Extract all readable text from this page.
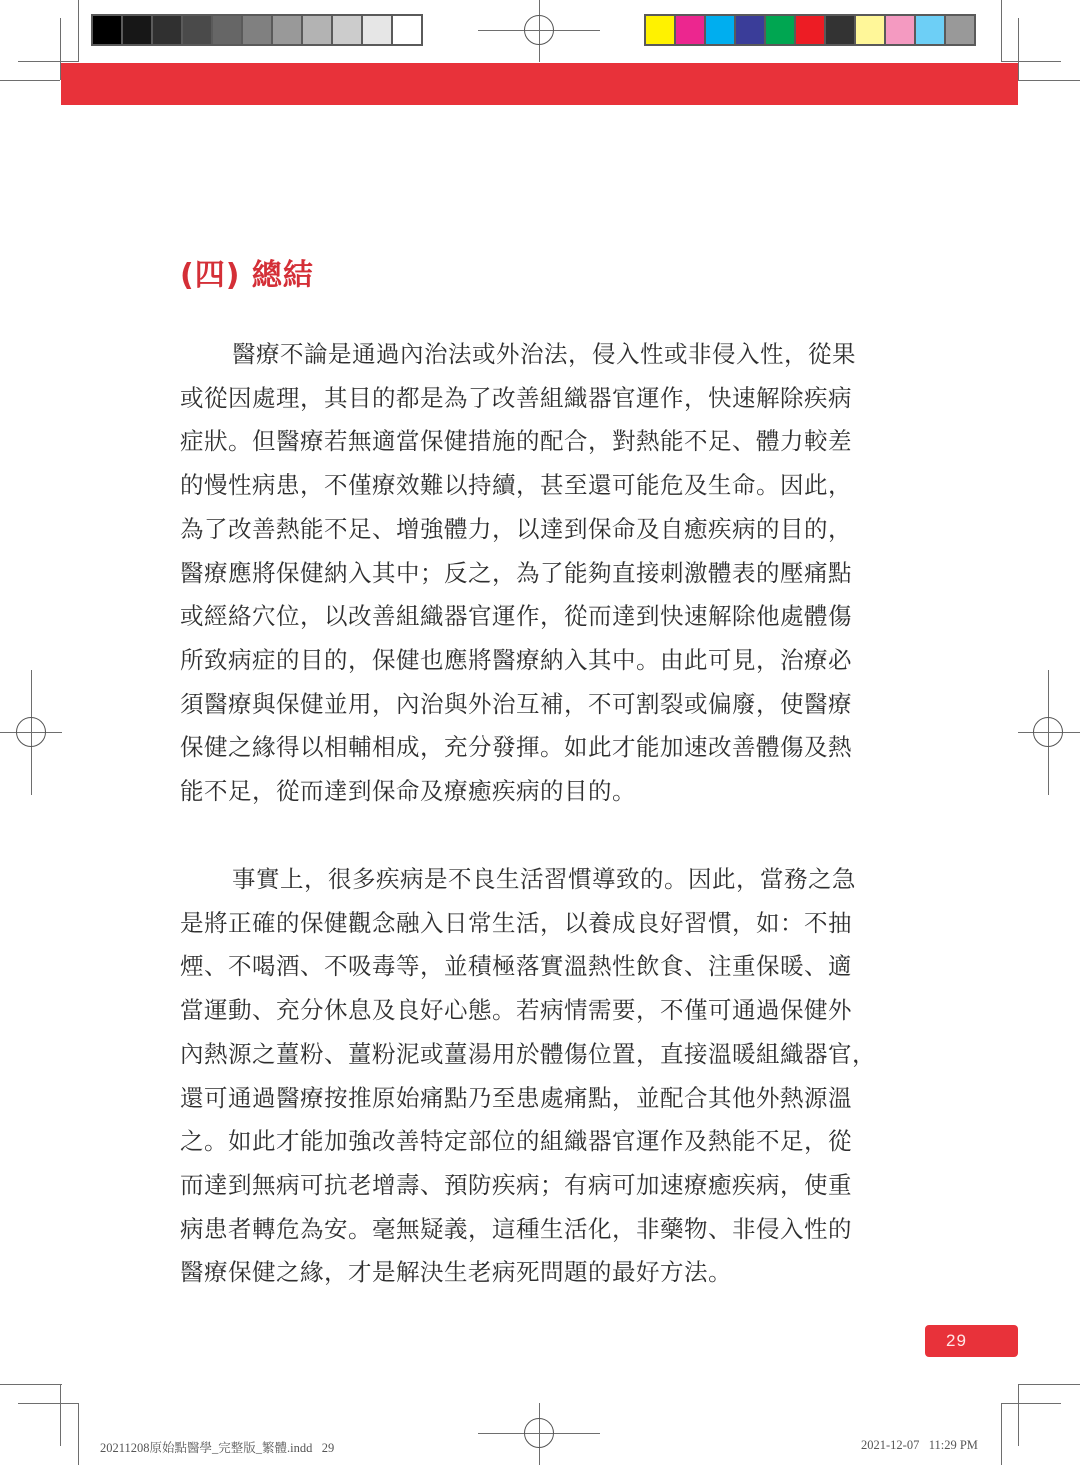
(四) 總結
醫療不論是通過內治法或外治法，侵入性或非侵入性，從果
或從因處理，其目的都是為了改善組織器官運作，快速解除疾病
症狀。但醫療若無適當保健措施的配合，對熱能不足、體力較差
的慢性病患，不僅療效難以持續，甚至還可能危及生命。因此，
為了改善熱能不足、增強體力，以達到保命及自癒疾病的目的，
醫療應將保健納入其中；反之，為了能夠直接刺激體表的壓痛點
或經絡穴位，以改善組織器官運作，從而達到快速解除他處體傷
所致病症的目的，保健也應將醫療納入其中。由此可見，治療必
須醫療與保健並用，內治與外治互補，不可割裂或偏廢，使醫療
保健之緣得以相輔相成，充分發揮。如此才能加速改善體傷及熱
能不足，從而達到保命及療癒疾病的目的。
事實上，很多疾病是不良生活習慣導致的。因此，當務之急
是將正確的保健觀念融入日常生活，以養成良好習慣，如：不抽
煙、不喝酒、不吸毒等，並積極落實溫熱性飲食、注重保暖、適
當運動、充分休息及良好心態。若病情需要，不僅可通過保健外
內熱源之薑粉、薑粉泥或薑湯用於體傷位置，直接溫暖組織器官，
還可通過醫療按推原始痛點乃至患處痛點，並配合其他外熱源溫
之。如此才能加強改善特定部位的組織器官運作及熱能不足，從
而達到無病可抗老增壽、預防疾病；有病可加速療癒疾病，使重
病患者轉危為安。毫無疑義，這種生活化，非藥物、非侵入性的
醫療保健之緣，才是解決生老病死問題的最好方法。
29
20211208原始點醫學_完整版_繁體.indd   29	2021-12-07   11:29 PM
